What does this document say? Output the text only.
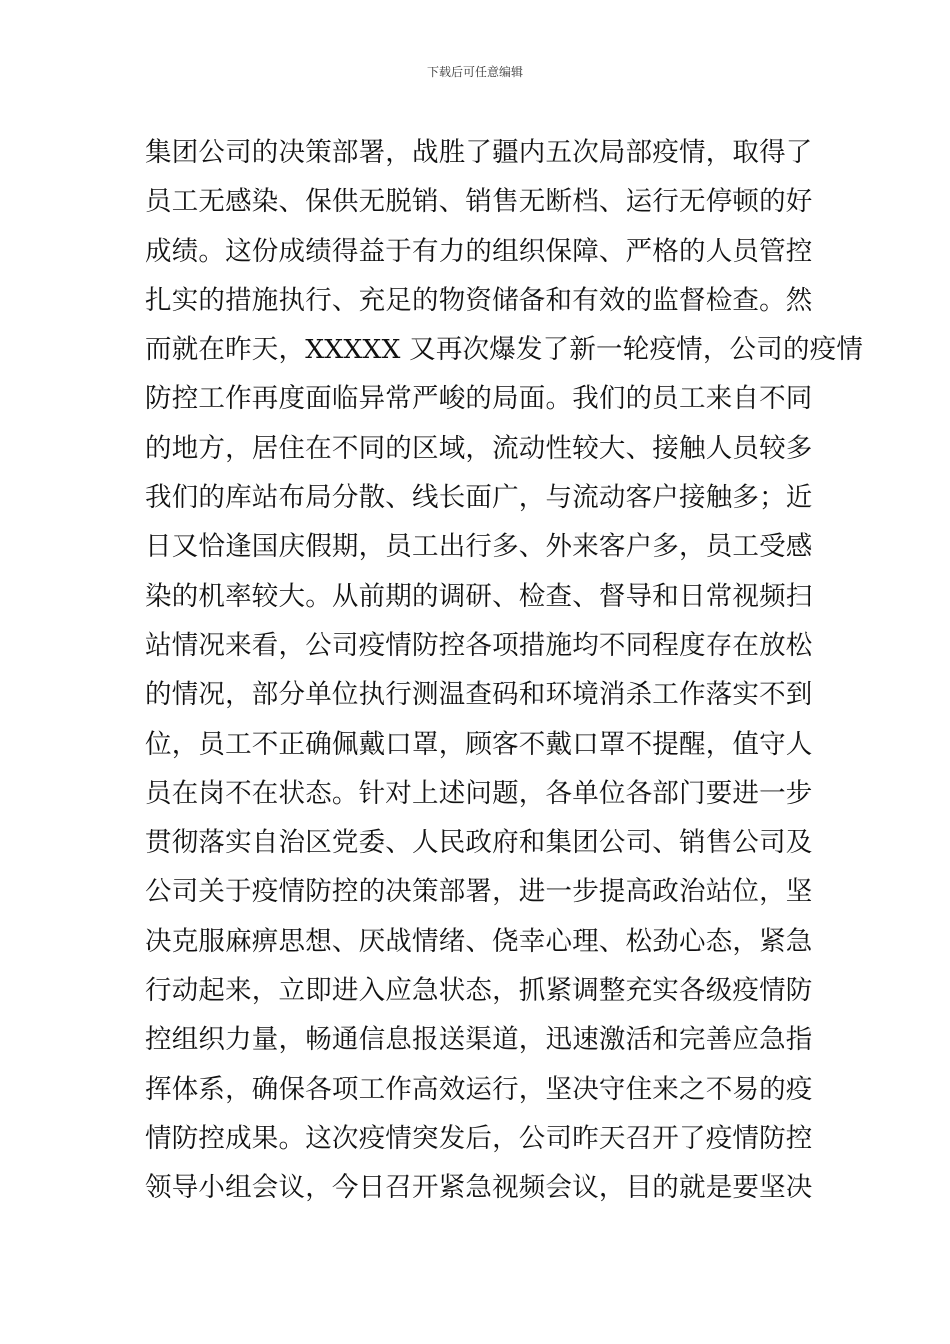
下载后可任意编辑
集团公司的决策部署，战胜了疆内五次局部疫情，取得了
员工无感染、保供无脱销、销售无断档、运行无停顿的好
成绩。这份成绩得益于有力的组织保障、严格的人员管控
扎实的措施执行、充足的物资储备和有效的监督检查。然
而就在昨天，XXXXX 又再次爆发了新一轮疫情，公司的疫情
防控工作再度面临异常严峻的局面。我们的员工来自不同
的地方，居住在不同的区域，流动性较大、接触人员较多
我们的库站布局分散、线长面广，与流动客户接触多；近
日又恰逢国庆假期，员工出行多、外来客户多，员工受感
染的机率较大。从前期的调研、检查、督导和日常视频扫
站情况来看，公司疫情防控各项措施均不同程度存在放松
的情况，部分单位执行测温查码和环境消杀工作落实不到
位，员工不正确佩戴口罩，顾客不戴口罩不提醒，值守人
员在岗不在状态。针对上述问题，各单位各部门要进一步
贯彻落实自治区党委、人民政府和集团公司、销售公司及
公司关于疫情防控的决策部署，进一步提高政治站位，坚
决克服麻痹思想、厌战情绪、侥幸心理、松劲心态，紧急
行动起来，立即进入应急状态，抓紧调整充实各级疫情防
控组织力量，畅通信息报送渠道，迅速激活和完善应急指
挥体系，确保各项工作高效运行，坚决守住来之不易的疫
情防控成果。这次疫情突发后，公司昨天召开了疫情防控
领导小组会议，今日召开紧急视频会议，目的就是要坚决
